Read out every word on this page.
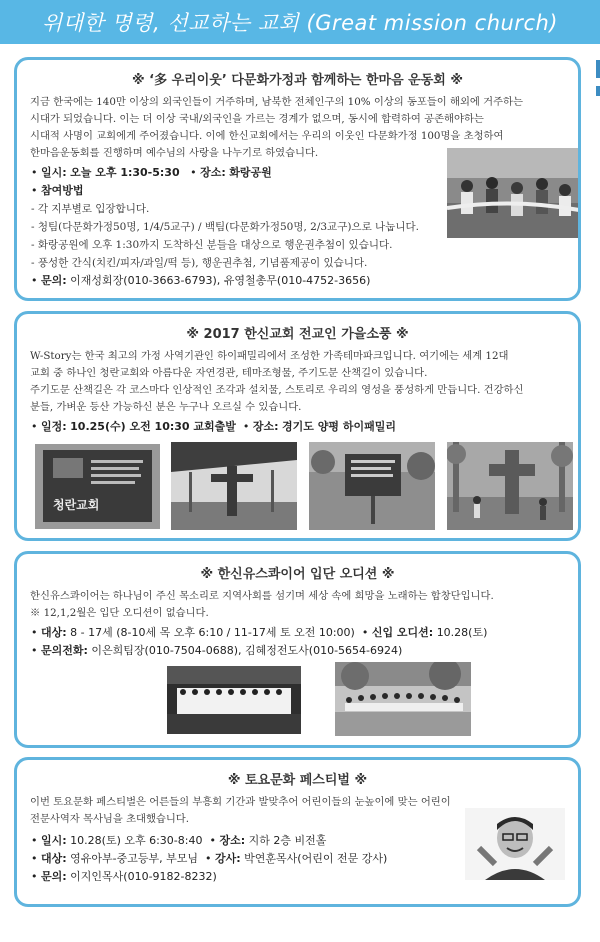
위대한 명령, 선교하는 교회 (Great mission church)
※ ‘多 우리이웃’ 다문화가정과 함께하는 한마음 운동회 ※
지금 한국에는 140만 이상의 외국인들이 거주하며, 남북한 전체인구의 10% 이상의 동포들이 해외에 거주하는
시대가 되었습니다. 이는 더 이상 국내/외국인을 가르는 경계가 없으며, 동시에 합력하여 공존해야하는
시대적 사명이 교회에게 주어졌습니다. 이에 한신교회에서는 우리의 이웃인 다문화가정 100명을 초청하여
한마음운동회를 진행하며 예수님의 사랑을 나누기로 하였습니다.
• 일시: 오늘 오후 1:30-5:30   • 장소: 화랑공원
• 참여방법
- 각 지부별로 입장합니다.
- 청팀(다문화가정50명, 1/4/5교구) / 백팀(다문화가정50명, 2/3교구)으로 나눕니다.
- 화랑공원에 오후 1:30까지 도착하신 분들을 대상으로 행운권추첨이 있습니다.
- 풍성한 간식(치킨/피자/과일/떡 등), 행운권추첨, 기념품제공이 있습니다.
• 문의: 이재성회장(010-3663-6793), 유영철총무(010-4752-3656)
※ 2017 한신교회 전교인 가을소풍 ※
W-Story는 한국 최고의 가정 사역기관인 하이패밀리에서 조성한 가족테마파크입니다. 여기에는 세계 12대
교회 중 하나인 청란교회와 아름다운 자연경관, 테마조형물, 주기도문 산책길이 있습니다.
주기도문 산책길은 각 코스마다 인상적인 조각과 설치물, 스토리로 우리의 영성을 풍성하게 만듭니다. 건강하신
분들, 가벼운 등산 가능하신 분은 누구나 오르실 수 있습니다.
• 일정: 10.25(수) 오전 10:30 교회출발  • 장소: 경기도 양평 하이패밀리
청란교회
※ 한신유스콰이어 입단 오디션 ※
한신유스콰이어는 하나님이 주신 목소리로 지역사회를 섬기며 세상 속에 희망을 노래하는 합창단입니다.
※ 12,1,2월은 입단 오디션이 없습니다.
• 대상: 8 - 17세 (8-10세 목 오후 6:10 / 11-17세 토 오전 10:00)  • 신입 오디션: 10.28(토)
• 문의전화: 이은희팀장(010-7504-0688), 김혜정전도사(010-5654-6924)
※ 토요문화 페스티벌 ※
이번 토요문화 페스티벌은 어른들의 부흥회 기간과 발맞추어 어린이들의 눈높이에 맞는 어린이
전문사역자 목사님을 초대했습니다.
• 일시: 10.28(토) 오후 6:30-8:40  • 장소: 지하 2층 비전홀
• 대상: 영유아부-중고등부, 부모님  • 강사: 박연훈목사(어린이 전문 강사)
• 문의: 이지인목사(010-9182-8232)
